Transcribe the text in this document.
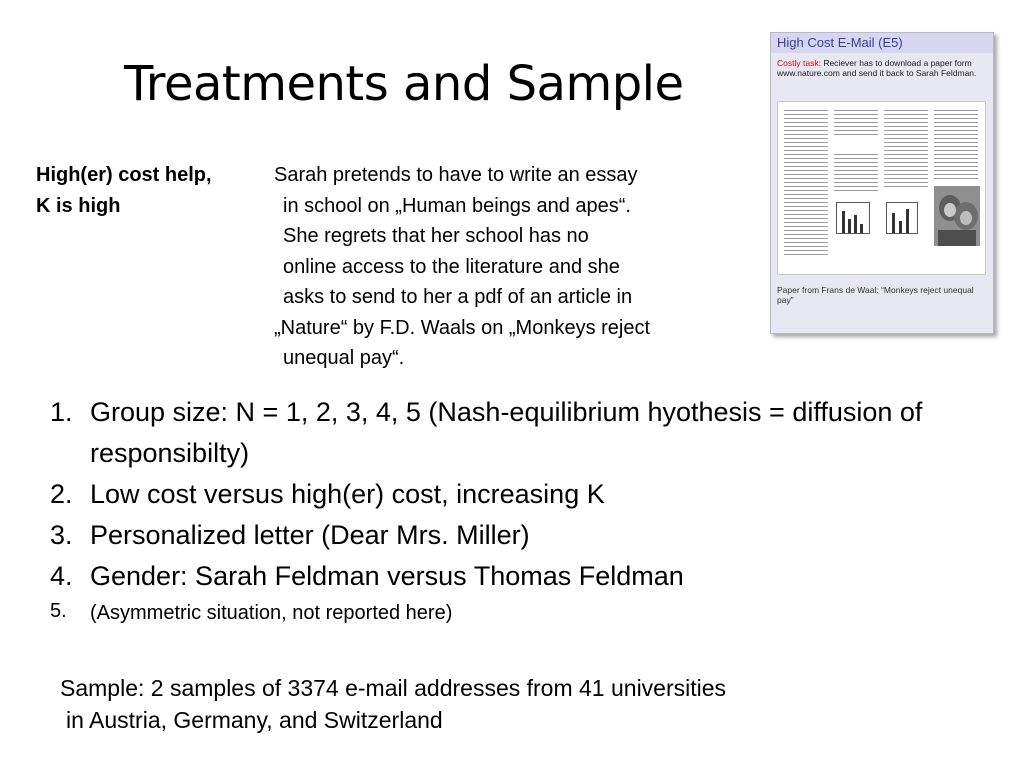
Treatments and Sample
High(er) cost help,
K is high
Sarah pretends to have to write an essay
in school on „Human beings and apes“.
She regrets that her school has no
online access to the literature and she
asks to send to her a pdf of an article in
„Nature“ by F.D. Waals on „Monkeys reject
unequal pay“.
High Cost E-Mail (E5)
Costly task: Reciever has to download a paper form www.nature.com and send it back to Sarah Feldman.
Paper from Frans de Waal: “Monkeys reject unequal pay”
1. Group size: N = 1, 2, 3, 4, 5 (Nash-equilibrium hyothesis = diffusion of responsibilty)
2. Low cost versus high(er) cost, increasing K
3. Personalized letter (Dear Mrs. Miller)
4. Gender: Sarah Feldman versus Thomas Feldman
5. (Asymmetric situation, not reported here)
Sample: 2 samples of 3374 e-mail addresses from 41 universities
in Austria, Germany, and Switzerland
